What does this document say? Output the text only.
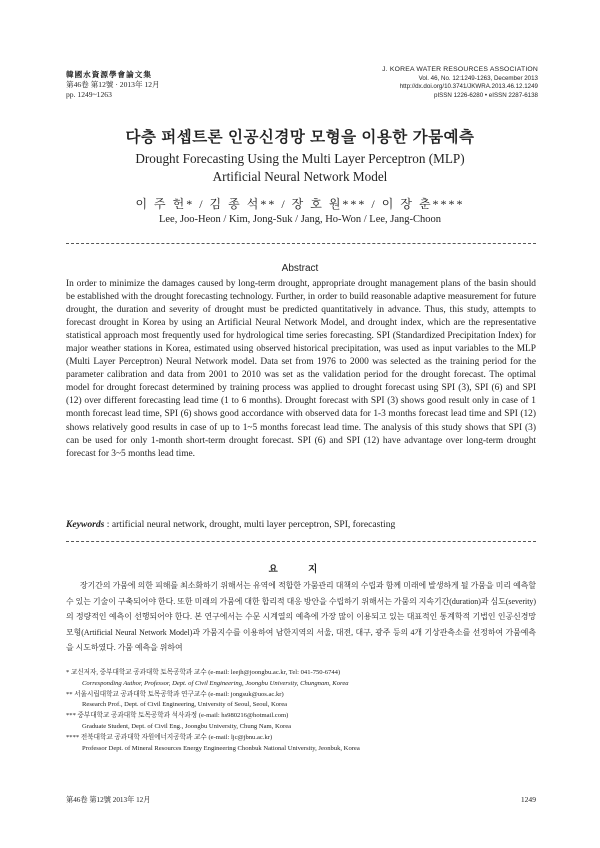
韓國水資源學會論文集
第46卷 第12號 · 2013年 12月
pp. 1249~1263
J. KOREA WATER RESOURCES ASSOCIATION
Vol. 46, No. 12:1249-1263, December 2013
http://dx.doi.org/10.3741/JKWRA.2013.46.12.1249
pISSN 1226-6280 • eISSN 2287-6138
다층 퍼셉트론 인공신경망 모형을 이용한 가뭄예측
Drought Forecasting Using the Multi Layer Perceptron (MLP)
Artificial Neural Network Model
이 주 헌* / 김 종 석** / 장 호 원*** / 이 장 춘****
Lee, Joo-Heon / Kim, Jong-Suk / Jang, Ho-Won / Lee, Jang-Choon
Abstract
In order to minimize the damages caused by long-term drought, appropriate drought management plans of the basin should be established with the drought forecasting technology. Further, in order to build reasonable adaptive measurement for future drought, the duration and severity of drought must be predicted quantitatively in advance. Thus, this study, attempts to forecast drought in Korea by using an Artificial Neural Network Model, and drought index, which are the representative statistical approach most frequently used for hydrological time series forecasting. SPI (Standardized Precipitation Index) for major weather stations in Korea, estimated using observed historical precipitation, was used as input variables to the MLP (Multi Layer Perceptron) Neural Network model. Data set from 1976 to 2000 was selected as the training period for the parameter calibration and data from 2001 to 2010 was set as the validation period for the drought forecast. The optimal model for drought forecast determined by training process was applied to drought forecast using SPI (3), SPI (6) and SPI (12) over different forecasting lead time (1 to 6 months). Drought forecast with SPI (3) shows good result only in case of 1 month forecast lead time, SPI (6) shows good accordance with observed data for 1-3 months forecast lead time and SPI (12) shows relatively good results in case of up to 1~5 months forecast lead time. The analysis of this study shows that SPI (3) can be used for only 1-month short-term drought forecast. SPI (6) and SPI (12) have advantage over long-term drought forecast for 3~5 months lead time.
Keywords : artificial neural network, drought, multi layer perceptron, SPI, forecasting
요 지
장기간의 가뭄에 의한 피해를 최소화하기 위해서는 유역에 적합한 가뭄관리 대책의 수립과 함께 미래에 발생하게 될 가뭄을 미리 예측할 수 있는 기술이 구축되어야 한다. 또한 미래의 가뭄에 대한 합리적 대응 방안을 수립하기 위해서는 가뭄의 지속기간(duration)과 심도(severity)의 정량적인 예측이 선행되어야 한다. 본 연구에서는 수문 시계열의 예측에 가장 많이 이용되고 있는 대표적인 통계학적 기법인 인공신경망 모형(Artificial Neural Network Model)과 가뭄지수를 이용하여 남한지역의 서울, 대전, 대구, 광주 등의 4개 기상관측소를 선정하여 가뭄예측을 시도하였다. 가뭄 예측을 위하여
* 교신저자, 중부대학교 공과대학 토목공학과 교수 (e-mail: leejh@joongbu.ac.kr, Tel: 041-750-6744)
Corresponding Author, Professor, Dept. of Civil Engineering, Joongbu University, Chungnam, Korea
** 서울시립대학교 공과대학 토목공학과 연구교수 (e-mail: jongsuk@uos.ac.kr)
Research Prof., Dept. of Civil Engineering, University of Seoul, Seoul, Korea
*** 중부대학교 공과대학 토목공학과 석사과정 (e-mail: hs980216@hotmail.com)
Graduate Student, Dept. of Civil Eng., Joongbu University, Chung Nam, Korea
**** 전북대학교 공과대학 자원에너지공학과 교수 (e-mail: ljc@jbnu.ac.kr)
Professor Dept. of Mineral Resources Energy Engineering Chonbuk National University, Jeonbuk, Korea
第46卷 第12號 2013年 12月	1249
